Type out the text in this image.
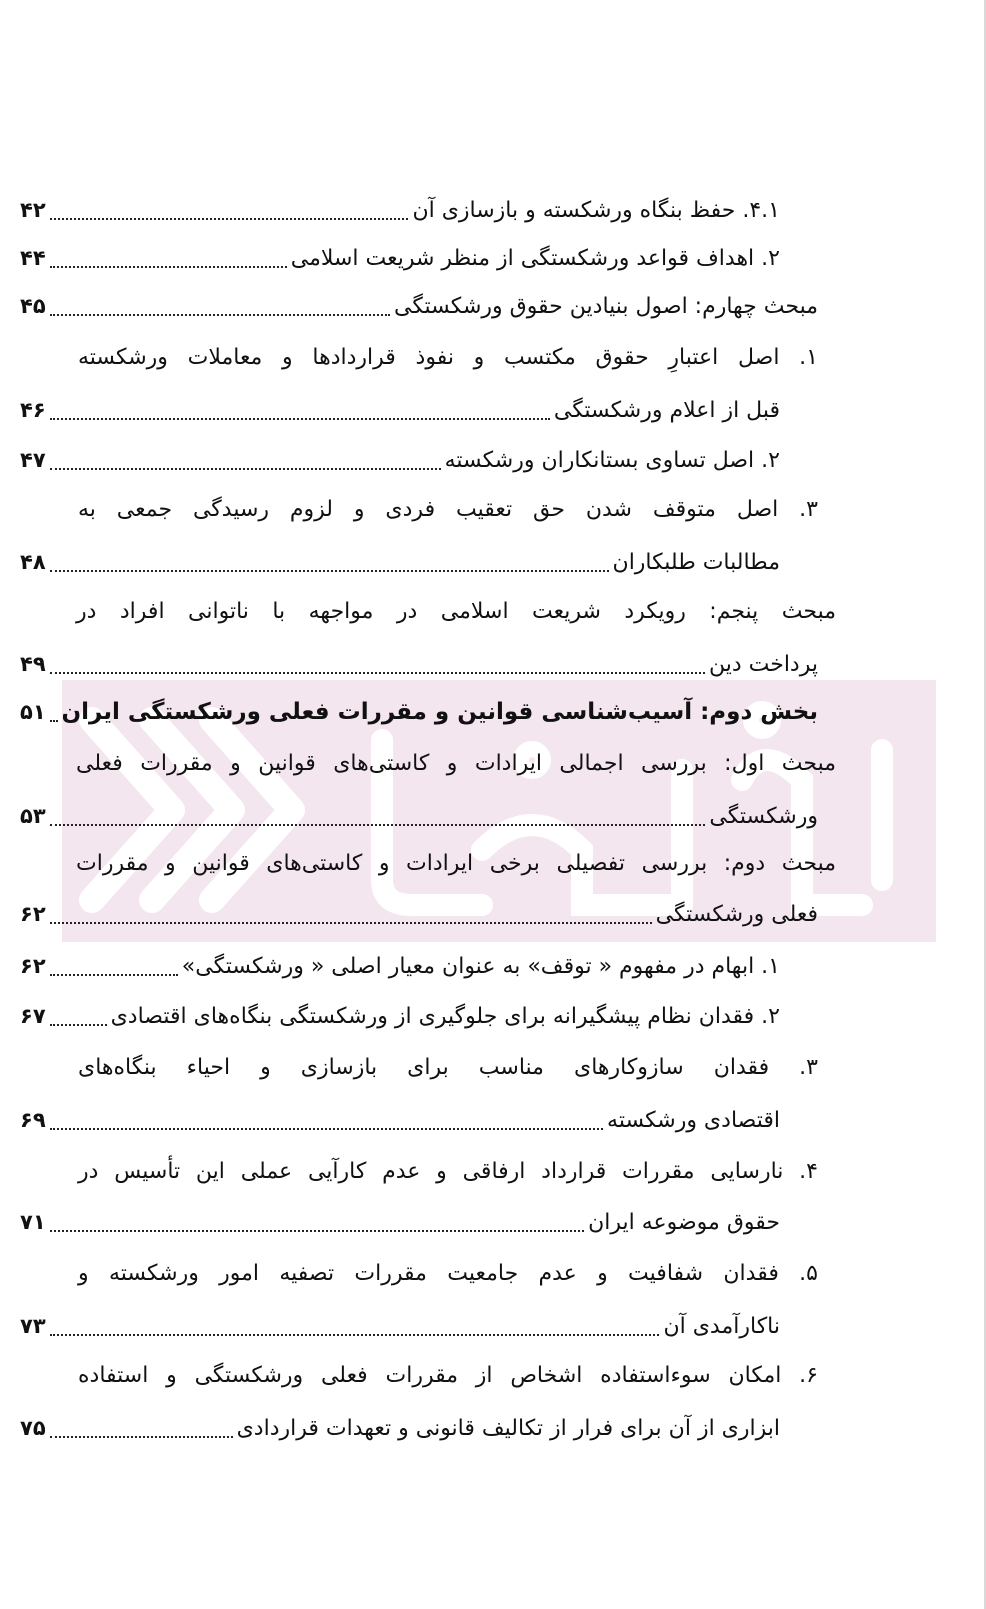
۴.۱. حفظ بنگاه ورشکسته و بازسازی آن
۴۲
۲. اهداف قواعد ورشکستگی از منظر شریعت اسلامی
۴۴
مبحث چهارم: اصول بنیادین حقوق ورشکستگی
۴۵
۱. اصل اعتبارِ حقوق مکتسب و نفوذ قراردادها و معاملات ورشکسته
قبل از اعلام ورشکستگی
۴۶
۲. اصل تساوی بستانکاران ورشکسته
۴۷
۳. اصل متوقف شدن حق تعقیب فردی و لزوم رسیدگی جمعی به
مطالبات طلبکاران
۴۸
مبحث پنجم: رویکرد شریعت اسلامی در مواجهه با ناتوانی افراد در
پرداخت دین
۴۹
بخش دوم: آسیب‌شناسی قوانین و مقررات فعلی ورشکستگی ایران
۵۱
مبحث اول: بررسی اجمالی ایرادات و کاستی‌های قوانین و مقررات فعلی
ورشکستگی
۵۳
مبحث دوم: بررسی تفصیلی برخی ایرادات و کاستی‌های قوانین و مقررات
فعلی ورشکستگی
۶۲
۱. ابهام در مفهوم « توقف» به عنوان معیار اصلی « ورشکستگی»
۶۲
۲. فقدان نظام پیشگیرانه برای جلوگیری از ورشکستگی بنگاه‌های اقتصادی
۶۷
۳. فقدان سازوکارهای مناسب برای بازسازی و احیاء بنگاه‌های
اقتصادی ورشکسته
۶۹
۴. نارسایی مقررات قرارداد ارفاقی و عدم کارآیی عملی این تأسیس در
حقوق موضوعه ایران
۷۱
۵. فقدان شفافیت و عدم جامعیت مقررات تصفیه امور ورشکسته و
ناکارآمدی آن
۷۳
۶. امکان سوءاستفاده اشخاص از مقررات فعلی ورشکستگی و استفاده
ابزاری از آن برای فرار از تکالیف قانونی و تعهدات قراردادی
۷۵
